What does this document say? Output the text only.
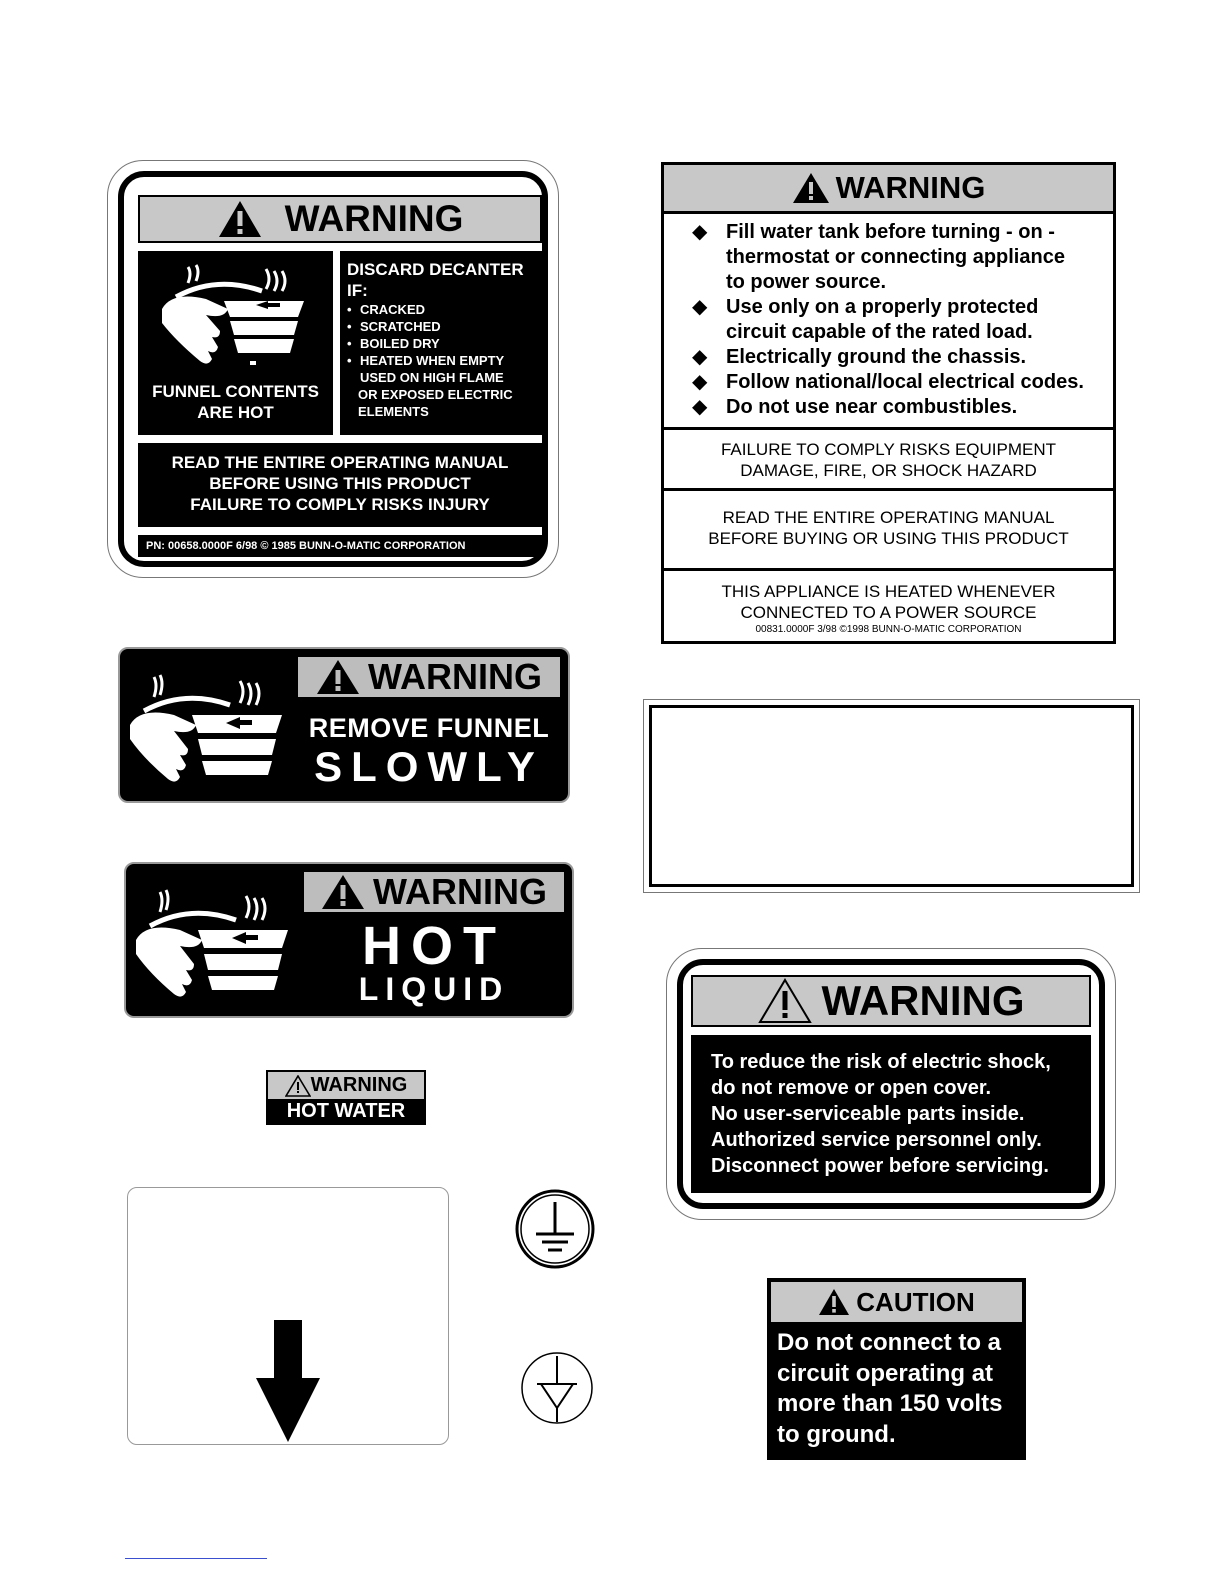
WARNING
FUNNEL CONTENTS
ARE HOT
DISCARD DECANTER
IF:
• CRACKED
• SCRATCHED
• BOILED DRY
• HEATED WHEN EMPTY
USED ON HIGH FLAME
OR EXPOSED ELECTRIC
ELEMENTS
READ THE ENTIRE OPERATING MANUAL
BEFORE USING THIS PRODUCT
FAILURE TO COMPLY RISKS INJURY
PN: 00658.0000F 6/98 © 1985 BUNN-O-MATIC CORPORATION
WARNING
◆ Fill water tank before turning - on - thermostat or connecting appliance to power source.
◆ Use only on a properly protected circuit capable of the rated load.
◆ Electrically ground the chassis.
◆ Follow national/local electrical codes.
◆ Do not use near combustibles.
FAILURE TO COMPLY RISKS EQUIPMENT
DAMAGE, FIRE, OR SHOCK HAZARD
READ THE ENTIRE OPERATING MANUAL
BEFORE BUYING OR USING THIS PRODUCT
THIS APPLIANCE IS HEATED WHENEVER
CONNECTED TO A POWER SOURCE
00831.0000F 3/98 ©1998 BUNN-O-MATIC CORPORATION
WARNING
REMOVE FUNNEL
SLOWLY
WARNING
HOT
LIQUID
WARNING
HOT WATER
WARNING
To reduce the risk of electric shock,
do not remove or open cover.
No user-serviceable parts inside.
Authorized service personnel only.
Disconnect power before servicing.
CAUTION
Do not connect to a
circuit operating at
more than 150 volts
to ground.
